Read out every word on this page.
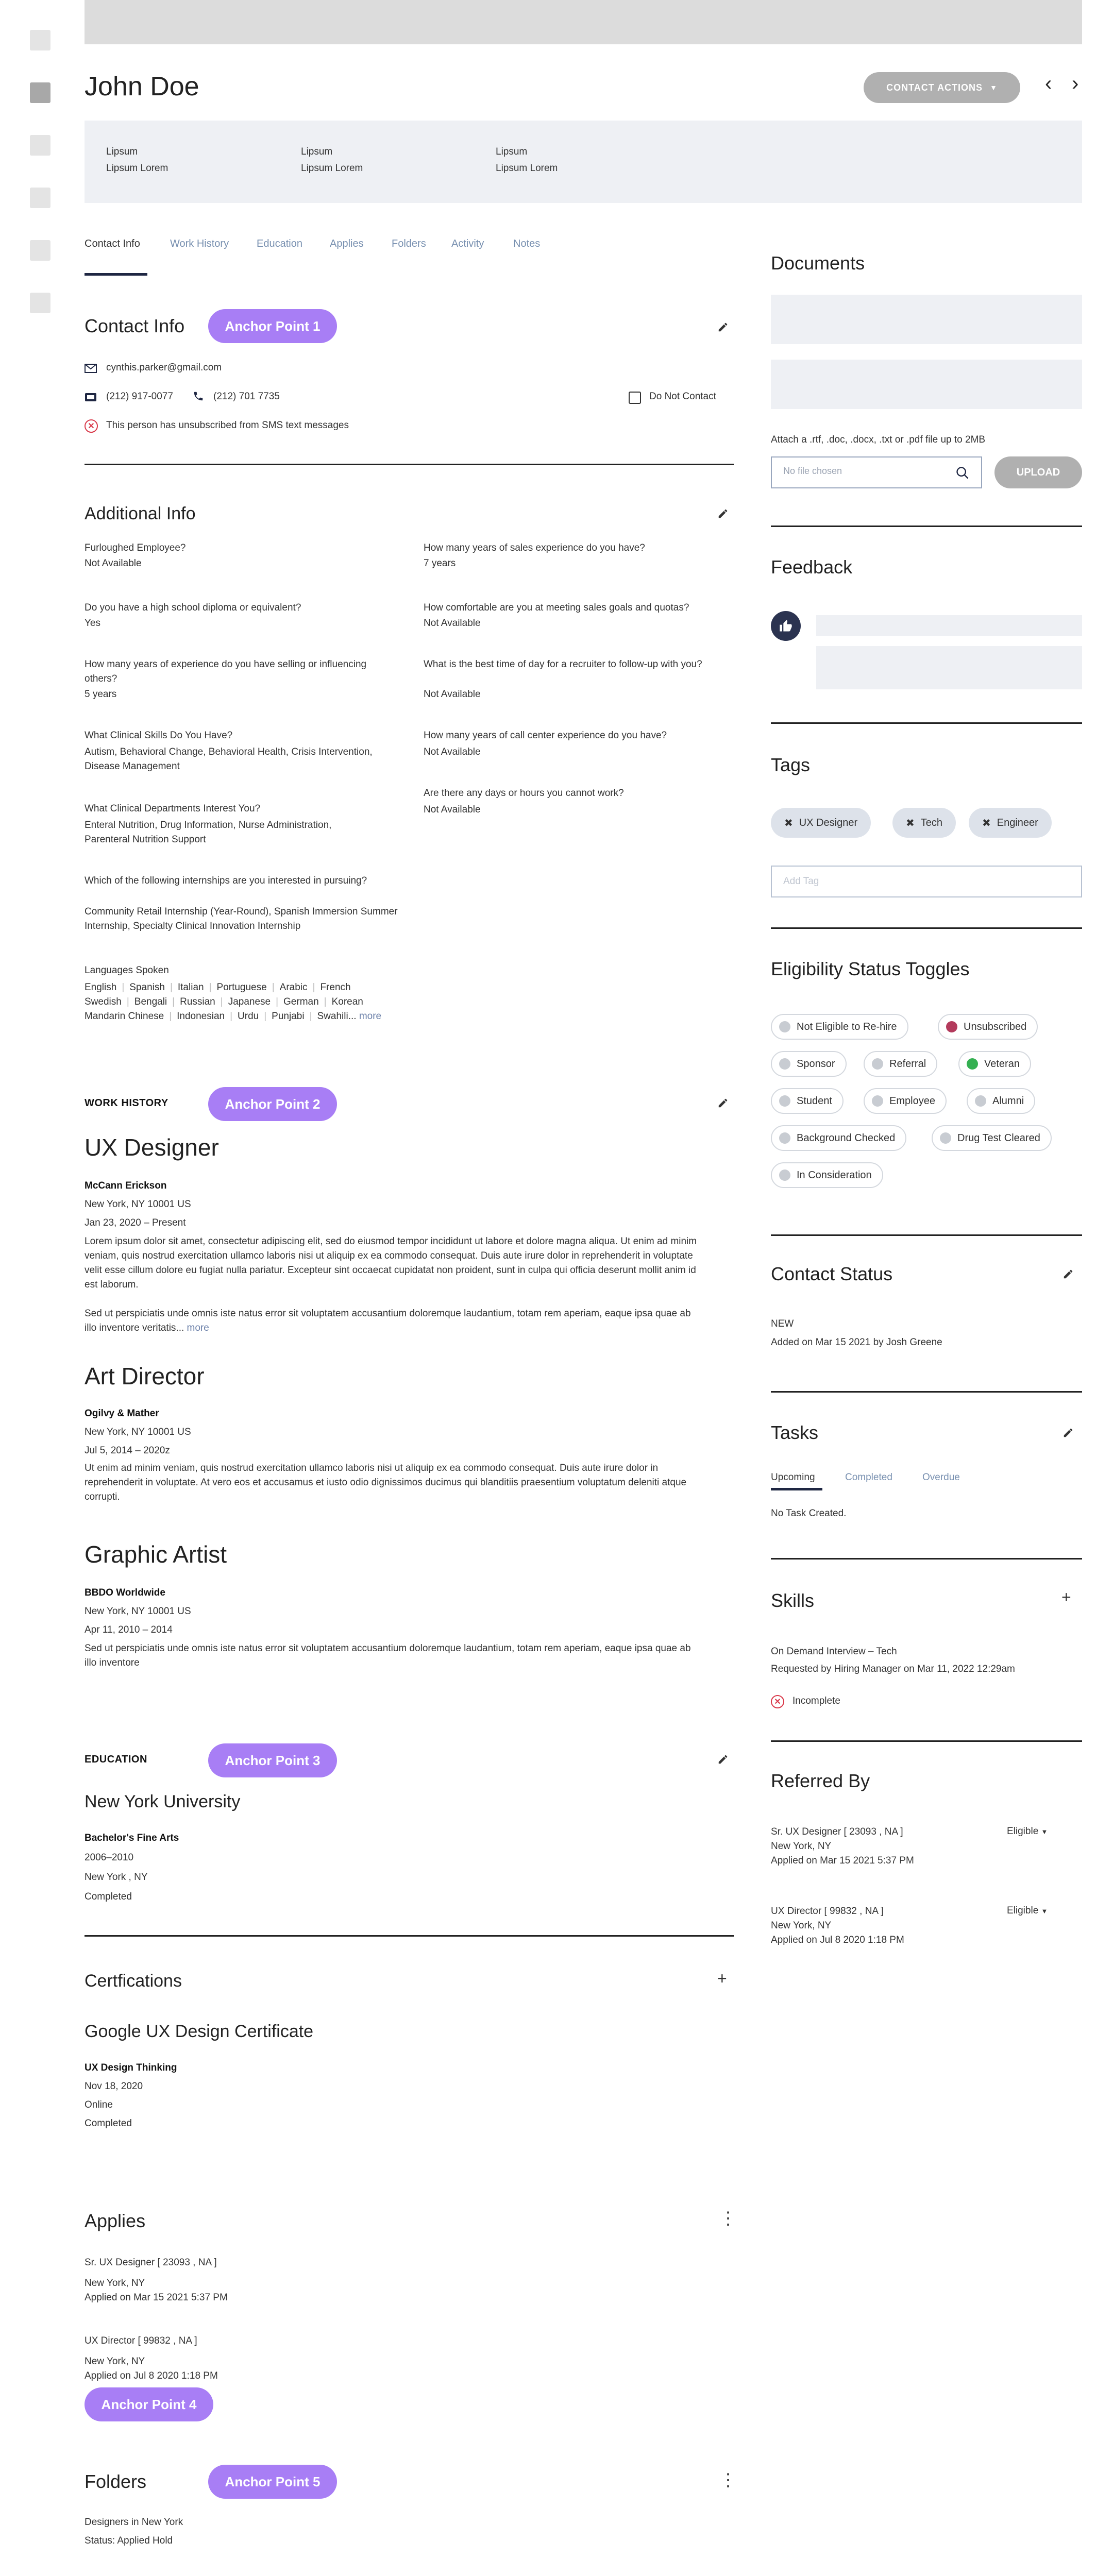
John Doe	CONTACT ACTIONS ▼ ‹ ›
Lipsum
Lipsum Lorem
Lipsum
Lipsum Lorem
Lipsum
Lipsum Lorem
Contact Info	Work History	Education	Applies	Folders Activity	Notes
Contact Info	Anchor Point 1
cynthis.parker@gmail.com
(212) 917-0077	(212) 701 7735	Do Not Contact
✕	This person has unsubscribed from SMS text messages
Additional Info
Furloughed Employee?
Not Available
Do you have a high school diploma or equivalent?
Yes
How many years of experience do you have selling or influencing others?
5 years
What Clinical Skills Do You Have?
Autism, Behavioral Change, Behavioral Health, Crisis Intervention, Disease Management
What Clinical Departments Interest You?
Enteral Nutrition, Drug Information, Nurse Administration, Parenteral Nutrition Support
Which of the following internships are you interested in pursuing?
Community Retail Internship (Year-Round), Spanish Immersion Summer Internship, Specialty Clinical Innovation Internship
How many years of sales experience do you have?
7 years
How comfortable are you at meeting sales goals and quotas?
Not Available
What is the best time of day for a recruiter to follow-up with you?
Not Available
How many years of call center experience do you have?
Not Available
Are there any days or hours you cannot work?
Not Available
Languages Spoken
English | Spanish | Italian | Portuguese | Arabic | French
Swedish | Bengali | Russian | Japanese | German | Korean
Mandarin Chinese | Indonesian | Urdu | Punjabi | Swahili... more
WORK HISTORY	Anchor Point 2
UX Designer
McCann Erickson
New York, NY 10001 US
Jan 23, 2020 – Present
Lorem ipsum dolor sit amet, consectetur adipiscing elit, sed do eiusmod tempor incididunt ut labore et dolore magna aliqua. Ut enim ad minim veniam, quis nostrud exercitation ullamco laboris nisi ut aliquip ex ea commodo consequat. Duis aute irure dolor in reprehenderit in voluptate velit esse cillum dolore eu fugiat nulla pariatur. Excepteur sint occaecat cupidatat non proident, sunt in culpa qui officia deserunt mollit anim id est laborum.
Sed ut perspiciatis unde omnis iste natus error sit voluptatem accusantium doloremque laudantium, totam rem aperiam, eaque ipsa quae ab illo inventore veritatis... more
Art Director
Ogilvy & Mather
New York, NY 10001 US
Jul 5, 2014 – 2020z
Ut enim ad minim veniam, quis nostrud exercitation ullamco laboris nisi ut aliquip ex ea commodo consequat. Duis aute irure dolor in reprehenderit in voluptate. At vero eos et accusamus et iusto odio dignissimos ducimus qui blanditiis praesentium voluptatum deleniti atque corrupti.
Graphic Artist
BBDO Worldwide
New York, NY 10001 US
Apr 11, 2010 – 2014
Sed ut perspiciatis unde omnis iste natus error sit voluptatem accusantium doloremque laudantium, totam rem aperiam, eaque ipsa quae ab illo inventore
EDUCATION	Anchor Point 3
New York University
Bachelor's Fine Arts
2006–2010
New York , NY
Completed
Certfications	+
Google UX Design Certificate
UX Design Thinking
Nov 18, 2020
Online
Completed
Applies	⋮
Sr. UX Designer [ 23093 , NA ]
New York, NY
Applied on Mar 15 2021 5:37 PM
UX Director [ 99832 , NA ]
New York, NY
Applied on Jul 8 2020 1:18 PM
Anchor Point 4
Folders	Anchor Point 5	⋮
Designers in New York
Status: Applied Hold
Documents
Attach a .rtf, .doc, .docx, .txt or .pdf file up to 2MB
No file chosen	UPLOAD
Feedback
Tags
✖ UX Designer	✖ Tech	✖ Engineer
Add Tag
Eligibility Status Toggles
Not Eligible to Re-hire	Unsubscribed
Sponsor	Referral	Veteran
Student	Employee	Alumni
Background Checked	Drug Test Cleared
In Consideration
Contact Status
NEW
Added on Mar 15 2021 by Josh Greene
Tasks
Upcoming	Completed	Overdue
No Task Created.
Skills	+
On Demand Interview – Tech
Requested by Hiring Manager on Mar 11, 2022 12:29am
✕	Incomplete
Referred By
Sr. UX Designer [ 23093 , NA ]
New York, NY
Applied on Mar 15 2021 5:37 PM
Eligible ▼
UX Director [ 99832 , NA ]
New York, NY
Applied on Jul 8 2020 1:18 PM
Eligible ▼
